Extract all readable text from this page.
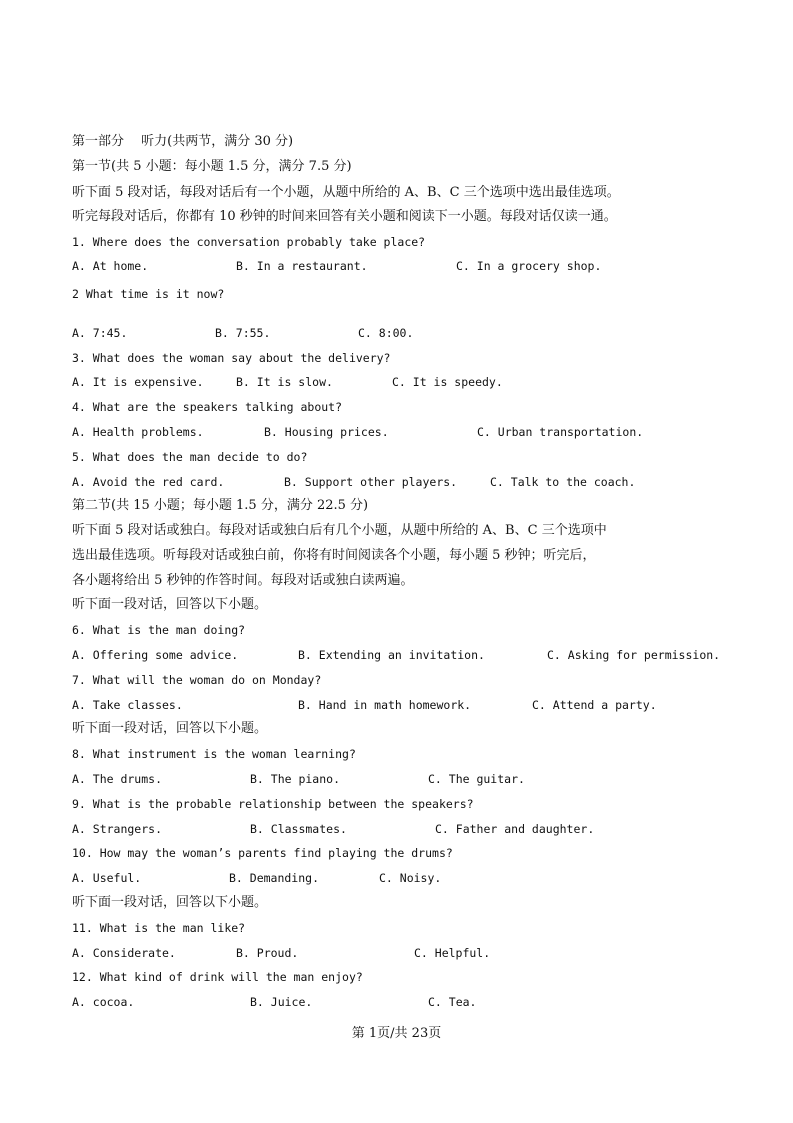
第一部分　 听力(共两节，满分 30 分)
第一节(共 5 小题：每小题 1.5 分，满分 7.5 分)
听下面 5 段对话，每段对话后有一个小题，从题中所给的 A、B、C 三个选项中选出最佳选项。
听完每段对话后，你都有 10 秒钟的时间来回答有关小题和阅读下一小题。每段对话仅读一通。
1. Where does the conversation probably take place?
A. At home.	B. In a restaurant.	C. In a grocery shop.
2 What time is it now?
A. 7:45.	B. 7:55.	C. 8:00.
3. What does the woman say about the delivery?
A. It is expensive.	B. It is slow.	C. It is speedy.
4. What are the speakers talking about?
A. Health problems.	B. Housing prices.	C. Urban transportation.
5. What does the man decide to do?
A. Avoid the red card.	B. Support other players.	C. Talk to the coach.
第二节(共 15 小题；每小题 1.5 分，满分 22.5 分)
听下面 5 段对话或独白。每段对话或独白后有几个小题，从题中所给的 A、B、C 三个选项中
选出最佳选项。听每段对话或独白前，你将有时间阅读各个小题，每小题 5 秒钟；听完后，
各小题将给出 5 秒钟的作答时间。每段对话或独白读两遍。
听下面一段对话，回答以下小题。
6. What is the man doing?
A. Offering some advice.	B. Extending an invitation.	C. Asking for permission.
7. What will the woman do on Monday?
A. Take classes.	B. Hand in math homework.	C. Attend a party.
听下面一段对话，回答以下小题。
8. What instrument is the woman learning?
A. The drums.	B. The piano.	C. The guitar.
9. What is the probable relationship between the speakers?
A. Strangers.	B. Classmates.	C. Father and daughter.
10. How may the woman’s parents find playing the drums?
A. Useful.	B. Demanding.	C. Noisy.
听下面一段对话，回答以下小题。
11. What is the man like?
A. Considerate.	B. Proud.	C. Helpful.
12. What kind of drink will the man enjoy?
A. cocoa.	B. Juice.	C. Tea.
第 1页/共 23页
